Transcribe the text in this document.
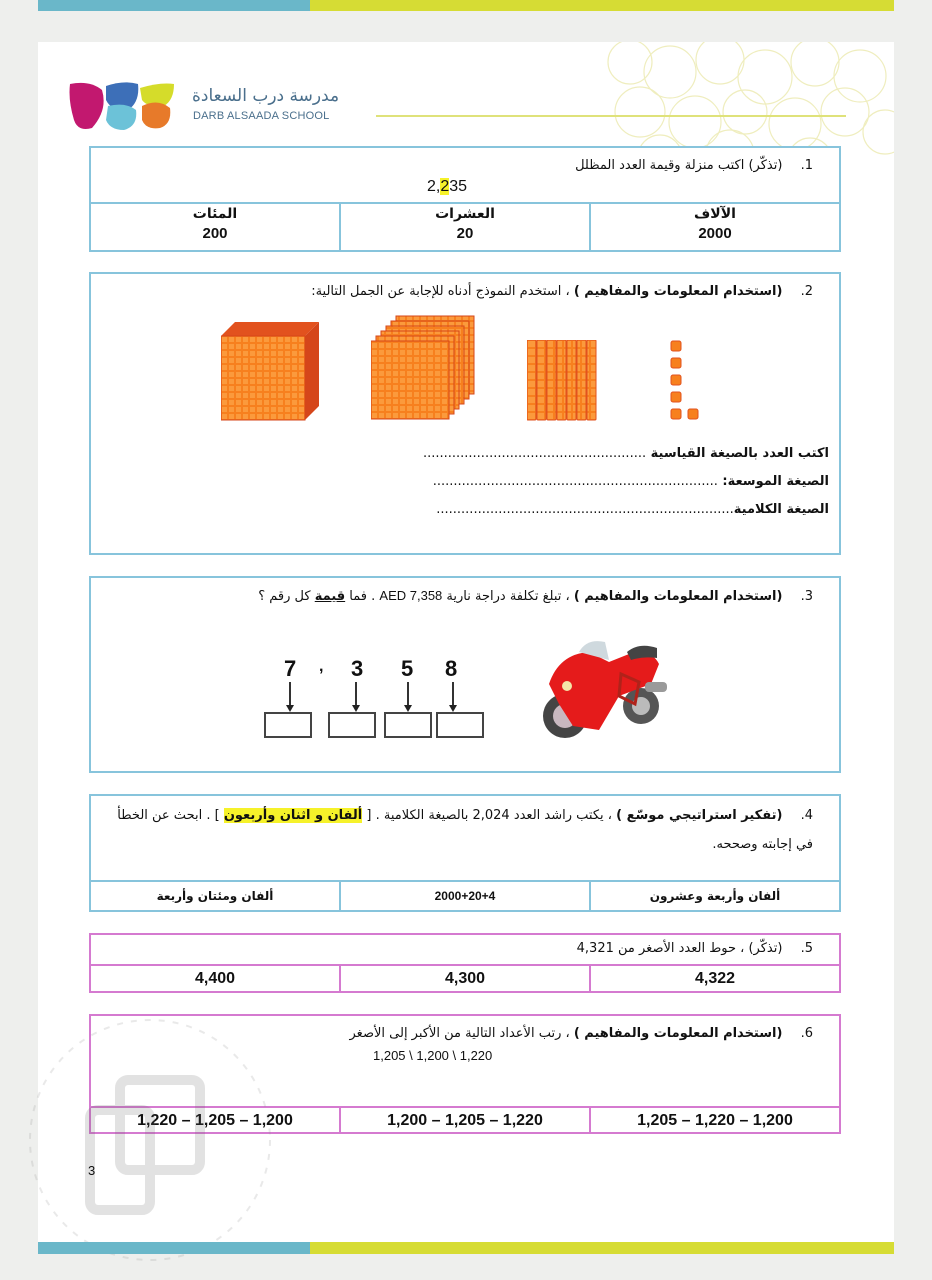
مدرسة درب السعادة
DARB ALSAADA SCHOOL
1. (تذكّر) اكتب منزلة وقيمة العدد المظلل
2,235
الآلاف
2000
العشرات
20
المئات
200
2. (استخدام المعلومات والمفاهيم ) ، استخدم النموذج أدناه للإجابة عن الجمل التالية:
اكتب العدد بالصيغة القياسية ......................................................
الصيغة الموسعة: .....................................................................
الصيغة الكلامية........................................................................
3. (استخدام المعلومات والمفاهيم ) ، تبلغ تكلفة دراجة نارية AED 7,358 . فما قيمة كل رقم ؟
7 , 3 5 8
4. (تفكير استراتيجي موسّع ) ، يكتب راشد العدد 2,024 بالصيغة الكلامية . [ ألفان و اثنان وأربعون ] . ابحث عن الخطأ في إجابته وصححه.
ألفان وأربعة وعشرون
2000+20+4
ألفان ومئتان وأربعة
5. (تذكّر) ، حوط العدد الأصغر من 4,321
4,322
4,300
4,400
6. (استخدام المعلومات والمفاهيم ) ، رتب الأعداد التالية من الأكبر إلى الأصغر
1,205 \ 1,200 \ 1,220
1,205 – 1,220 – 1,200
1,200 – 1,205 – 1,220
1,220 – 1,205 – 1,200
3
